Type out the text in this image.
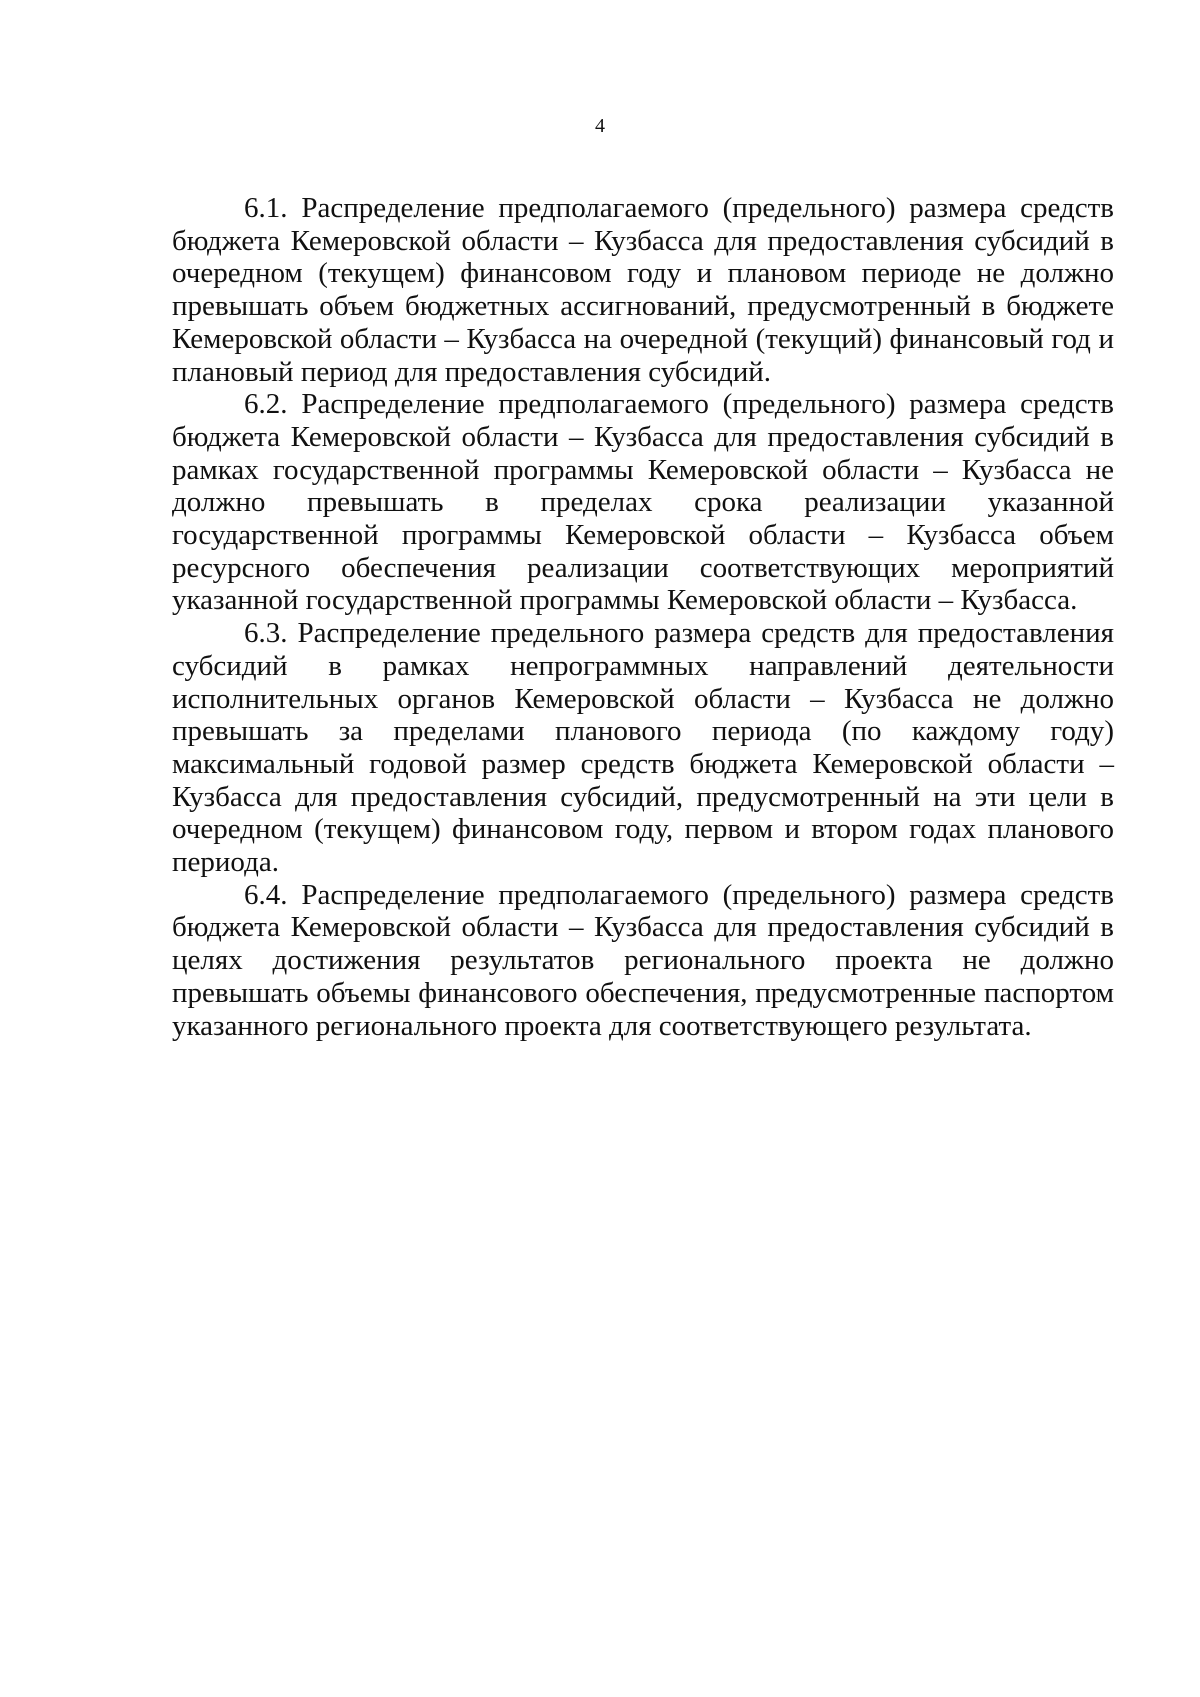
4

6.1. Распределение предполагаемого (предельного) размера средств бюджета Кемеровской области – Кузбасса для предоставления субсидий в очередном (текущем) финансовом году и плановом периоде не должно превышать объем бюджетных ассигнований, предусмотренный в бюджете Кемеровской области – Кузбасса на очередной (текущий) финансовый год и плановый период для предоставления субсидий.

6.2. Распределение предполагаемого (предельного) размера средств бюджета Кемеровской области – Кузбасса для предоставления субсидий в рамках государственной программы Кемеровской области – Кузбасса не должно превышать в пределах срока реализации указанной государственной программы Кемеровской области – Кузбасса объем ресурсного обеспечения реализации соответствующих мероприятий указанной государственной программы Кемеровской области – Кузбасса.

6.3. Распределение предельного размера средств для предоставления субсидий в рамках непрограммных направлений деятельности исполнительных органов Кемеровской области – Кузбасса не должно превышать за пределами планового периода (по каждому году) максимальный годовой размер средств бюджета Кемеровской области – Кузбасса для предоставления субсидий, предусмотренный на эти цели в очередном (текущем) финансовом году, первом и втором годах планового периода.

6.4. Распределение предполагаемого (предельного) размера средств бюджета Кемеровской области – Кузбасса для предоставления субсидий в целях достижения результатов регионального проекта не должно превышать объемы финансового обеспечения, предусмотренные паспортом указанного регионального проекта для соответствующего результата.
